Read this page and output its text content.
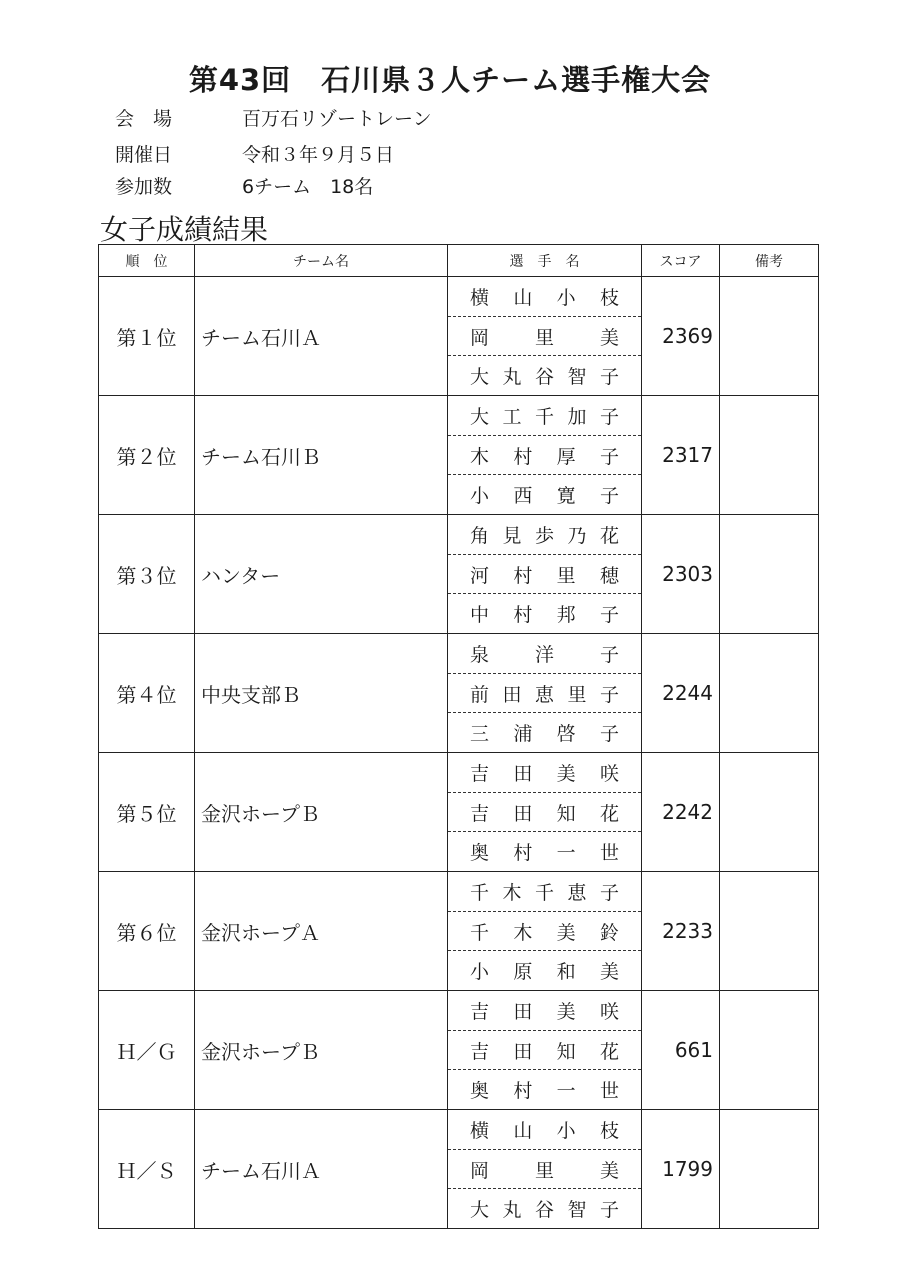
第43回　石川県３人チーム選手権大会
会　場	百万石リゾートレーン
開催日	令和３年９月５日
参加数	6チーム　18名
女子成績結果
順　位	チーム名	選　手　名	スコア	備考
第１位	チーム石川Ａ	横 山 小 枝
岡 里 美
大 丸 谷 智 子	2369	
第２位	チーム石川Ｂ	大 工 千 加 子
木 村 厚 子
小 西 寛 子	2317	
第３位	ハンター	角 見 歩 乃 花
河 村 里 穂
中 村 邦 子	2303	
第４位	中央支部Ｂ	泉 洋 子
前 田 恵 里 子
三 浦 啓 子	2244	
第５位	金沢ホープＢ	吉 田 美 咲
吉 田 知 花
奥 村 一 世	2242	
第６位	金沢ホープＡ	千 木 千 恵 子
千 木 美 鈴
小 原 和 美	2233	
Ｈ／Ｇ	金沢ホープＢ	吉 田 美 咲
吉 田 知 花
奥 村 一 世	661	
Ｈ／Ｓ	チーム石川Ａ	横 山 小 枝
岡 里 美
大 丸 谷 智 子	1799	
